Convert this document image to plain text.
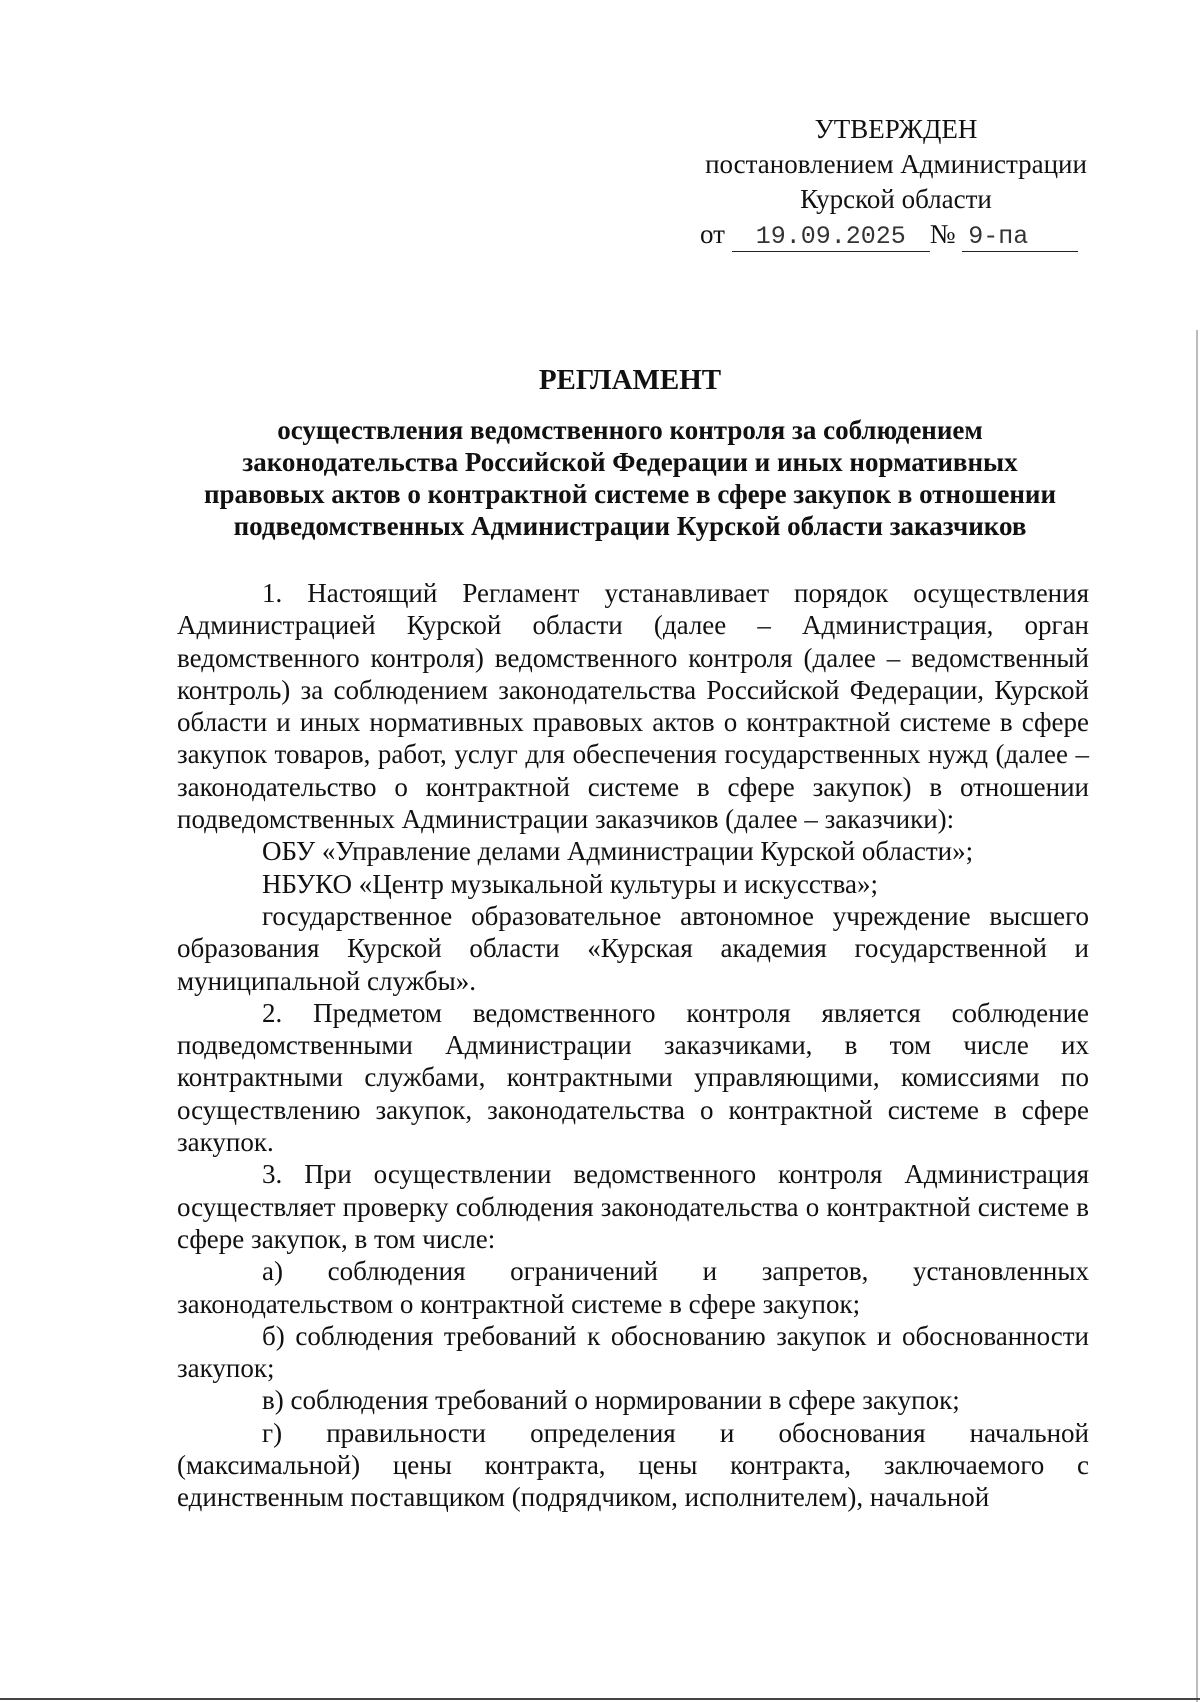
УТВЕРЖДЕН
постановлением Администрации
Курской области
от 19.09.2025 № 9-па
РЕГЛАМЕНТ
осуществления ведомственного контроля за соблюдением
законодательства Российской Федерации и иных нормативных
правовых актов о контрактной системе в сфере закупок в отношении
подведомственных Администрации Курской области заказчиков

1. Настоящий Регламент устанавливает порядок осуществления Администрацией Курской области (далее – Администрация, орган ведомственного контроля) ведомственного контроля (далее – ведомственный контроль) за соблюдением законодательства Российской Федерации, Курской области и иных нормативных правовых актов о контрактной системе в сфере закупок товаров, работ, услуг для обеспечения государственных нужд (далее – законодательство о контрактной системе в сфере закупок) в отношении подведомственных Администрации заказчиков (далее – заказчики):

ОБУ «Управление делами Администрации Курской области»;

НБУКО «Центр музыкальной культуры и искусства»;

государственное образовательное автономное учреждение высшего образования Курской области «Курская академия государственной и муниципальной службы».

2. Предметом ведомственного контроля является соблюдение подведомственными Администрации заказчиками, в том числе их контрактными службами, контрактными управляющими, комиссиями по осуществлению закупок, законодательства о контрактной системе в сфере закупок.

3. При осуществлении ведомственного контроля Администрация осуществляет проверку соблюдения законодательства о контрактной системе в сфере закупок, в том числе:

а) соблюдения ограничений и запретов, установленных законодательством о контрактной системе в сфере закупок;

б) соблюдения требований к обоснованию закупок и обоснованности закупок;

в) соблюдения требований о нормировании в сфере закупок;

г) правильности определения и обоснования начальной (максимальной) цены контракта, цены контракта, заключаемого с единственным поставщиком (подрядчиком, исполнителем), начальной
